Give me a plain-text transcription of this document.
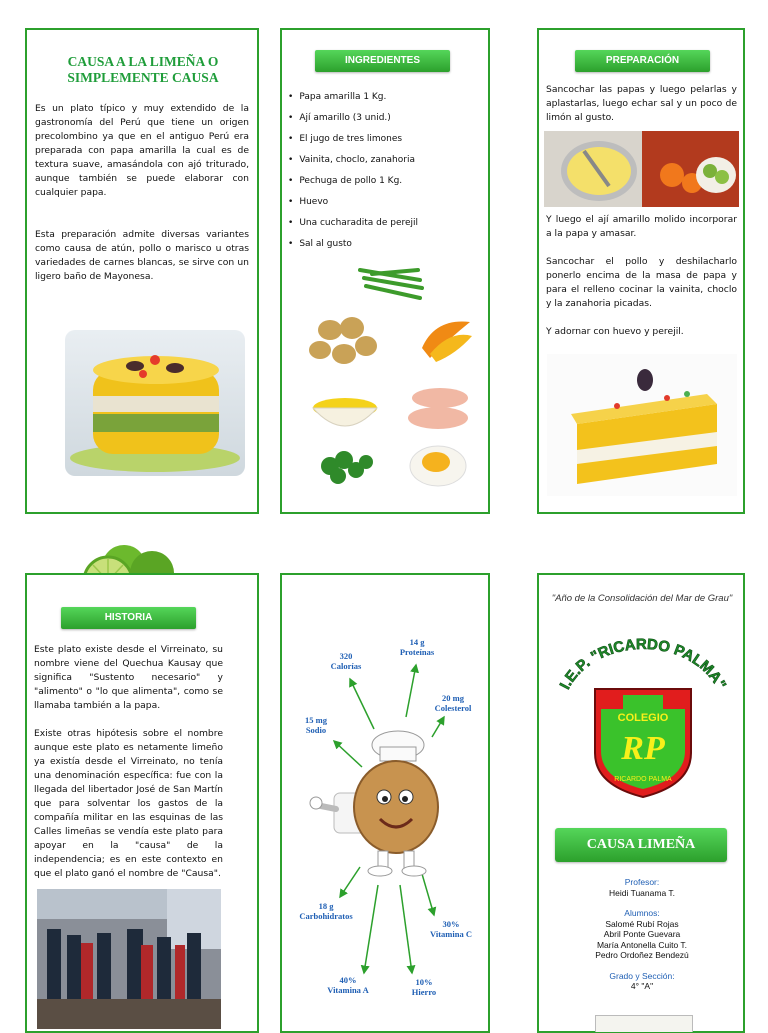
CAUSA A LA LIMEÑA O SIMPLEMENTE CAUSA
Es un plato típico y muy extendido de la gastronomía del Perú que tiene un origen precolombino ya que en el antiguo Perú era preparada con papa amarilla la cual es de textura suave, amasándola con ajó triturado, aunque también se puede elaborar con cualquier papa.
Esta preparación admite diversas variantes como causa de atún, pollo o marisco u otras variedades de carnes blancas, se sirve con un ligero baño de Mayonesa.
INGREDIENTES
• Papa amarilla 1 Kg.
• Ají amarillo (3 unid.)
• El jugo de tres limones
• Vainita, choclo, zanahoria
• Pechuga de pollo 1 Kg.
• Huevo
• Una cucharadita de perejil
• Sal al gusto
PREPARACIÓN
Sancochar las papas y luego pelarlas y aplastarlas, luego echar sal y un poco de limón al gusto.
Y luego el ají amarillo molido incorporar a la papa y amasar.
Sancochar el pollo y deshilacharlo ponerlo encima de la masa de papa y para el relleno cocinar la vainita, choclo y la zanahoria picadas.
Y adornar con huevo y perejil.
HISTORIA
Este plato existe desde el Virreinato, su nombre viene del Quechua Kausay que significa "Sustento necesario" y "alimento" o "lo que alimenta", como se llamaba también a la papa.
Existe otras hipótesis sobre el nombre aunque este plato es netamente limeño ya existía desde el Virreinato, no tenía una denominación específica: fue con la llegada del libertador José de San Martín que para solventar los gastos de la compañía militar en las esquinas de las Calles limeñas se vendía este plato para apoyar en la "causa" de la independencia; es en este contexto en que el plato ganó el nombre de "Causa".
320
Calorías
14 g
Proteínas
20 mg
Colesterol
15 mg
Sodio
18 g
Carbohidratos
30%
Vitamina C
40%
Vitamina A
10%
Hierro
"Año de la Consolidación del Mar de Grau"
I.E.P. "RICARDO PALMA"
COLEGIO
RP
RICARDO PALMA
CAUSA LIMEÑA
Profesor:
Heidi Tuanama T.
Alumnos:
Salomé Rubí Rojas
Abril Ponte Guevara
María Antonella Cuito T.
Pedro Ordoñez Bendezú
Grado y Sección:
4° "A"
